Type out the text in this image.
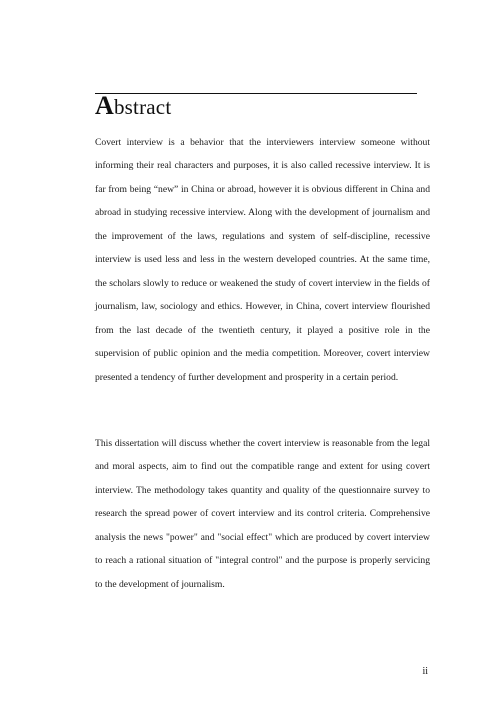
Abstract

Covert interview is a behavior that the interviewers interview someone without informing their real characters and purposes, it is also called recessive interview. It is far from being “new” in China or abroad, however it is obvious different in China and abroad in studying recessive interview. Along with the development of journalism and the improvement of the laws, regulations and system of self-discipline, recessive interview is used less and less in the western developed countries. At the same time, the scholars slowly to reduce or weakened the study of covert interview in the fields of journalism, law, sociology and ethics. However, in China, covert interview flourished from the last decade of the twentieth century, it played a positive role in the supervision of public opinion and the media competition. Moreover, covert interview presented a tendency of further development and prosperity in a certain period.

This dissertation will discuss whether the covert interview is reasonable from the legal and moral aspects, aim to find out the compatible range and extent for using covert interview. The methodology takes quantity and quality of the questionnaire survey to research the spread power of covert interview and its control criteria. Comprehensive analysis the news "power" and "social effect" which are produced by covert interview to reach a rational situation of "integral control" and the purpose is properly servicing to the development of journalism.

ii
